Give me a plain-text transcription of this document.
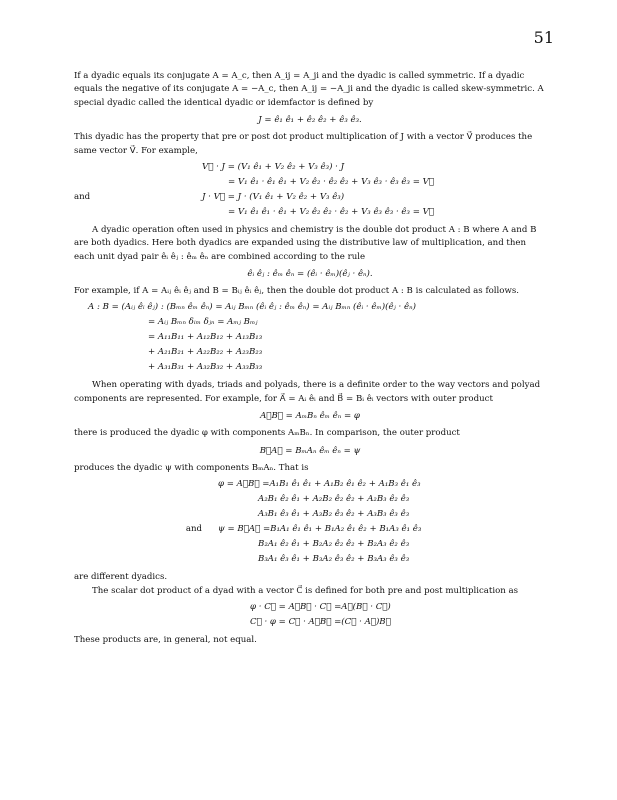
51

If a dyadic equals its conjugate A = A_c, then A_ij = A_ji and the dyadic is called symmetric. If a dyadic equals the negative of its conjugate A = −A_c, then A_ij = −A_ji and the dyadic is called skew-symmetric. A special dyadic called the identical dyadic or idemfactor is defined by

J = ê₁ ê₁ + ê₂ ê₂ + ê₃ ê₃.

This dyadic has the property that pre or post dot product multiplication of J with a vector V⃗ produces the same vector V⃗. For example,

V⃗ · J = (V₁ ê₁ + V₂ ê₂ + V₃ ê₃) · J
= V₁ ê₁ · ê₁ ê₁ + V₂ ê₂ · ê₂ ê₂ + V₃ ê₃ · ê₃ ê₃ = V⃗
and	J · V⃗ = J · (V₁ ê₁ + V₂ ê₂ + V₃ ê₃)
= V₁ ê₁ ê₁ · ê₁ + V₂ ê₂ ê₂ · ê₂ + V₃ ê₃ ê₃ · ê₃ = V⃗

A dyadic operation often used in physics and chemistry is the double dot product A : B where A and B are both dyadics. Here both dyadics are expanded using the distributive law of multiplication, and then each unit dyad pair êᵢ êⱼ : êₘ êₙ are combined according to the rule

êᵢ êⱼ : êₘ êₙ = (êᵢ · êₘ)(êⱼ · êₙ).

For example, if A = Aᵢⱼ êᵢ êⱼ and B = Bᵢⱼ êᵢ êⱼ, then the double dot product A : B is calculated as follows.

A : B = (Aᵢⱼ êᵢ êⱼ) : (Bₘₙ êₘ êₙ) = Aᵢⱼ Bₘₙ (êᵢ êⱼ : êₘ êₙ) = Aᵢⱼ Bₘₙ (êᵢ · êₘ)(êⱼ · êₙ)
= Aᵢⱼ Bₘₙ δᵢₘ δⱼₙ = Aₘⱼ Bₘⱼ
= A₁₁B₁₁ + A₁₂B₁₂ + A₁₃B₁₃
+ A₂₁B₂₁ + A₂₂B₂₂ + A₂₃B₂₃
+ A₃₁B₃₁ + A₃₂B₃₂ + A₃₃B₃₃

When operating with dyads, triads and polyads, there is a definite order to the way vectors and polyad components are represented. For example, for A⃗ = Aᵢ êᵢ and B⃗ = Bᵢ êᵢ vectors with outer product

A⃗B⃗ = AₘBₙ êₘ êₙ = φ

there is produced the dyadic φ with components AₘBₙ. In comparison, the outer product

B⃗A⃗ = BₘAₙ êₘ êₙ = ψ

produces the dyadic ψ with components BₘAₙ. That is

φ = A⃗B⃗ =A₁B₁ ê₁ ê₁ + A₁B₂ ê₁ ê₂ + A₁B₃ ê₁ ê₃
A₂B₁ ê₂ ê₁ + A₂B₂ ê₂ ê₂ + A₂B₃ ê₂ ê₃
A₃B₁ ê₃ ê₁ + A₃B₂ ê₃ ê₂ + A₃B₃ ê₃ ê₃
and ψ = B⃗A⃗ =B₁A₁ ê₁ ê₁ + B₁A₂ ê₁ ê₂ + B₁A₃ ê₁ ê₃
B₂A₁ ê₂ ê₁ + B₂A₂ ê₂ ê₂ + B₂A₃ ê₂ ê₃
B₃A₁ ê₃ ê₁ + B₃A₂ ê₃ ê₂ + B₃A₃ ê₃ ê₃

are different dyadics.

The scalar dot product of a dyad with a vector C⃗ is defined for both pre and post multiplication as

φ · C⃗ = A⃗B⃗ · C⃗ =A⃗(B⃗ · C⃗)
C⃗ · φ = C⃗ · A⃗B⃗ =(C⃗ · A⃗)B⃗

These products are, in general, not equal.
